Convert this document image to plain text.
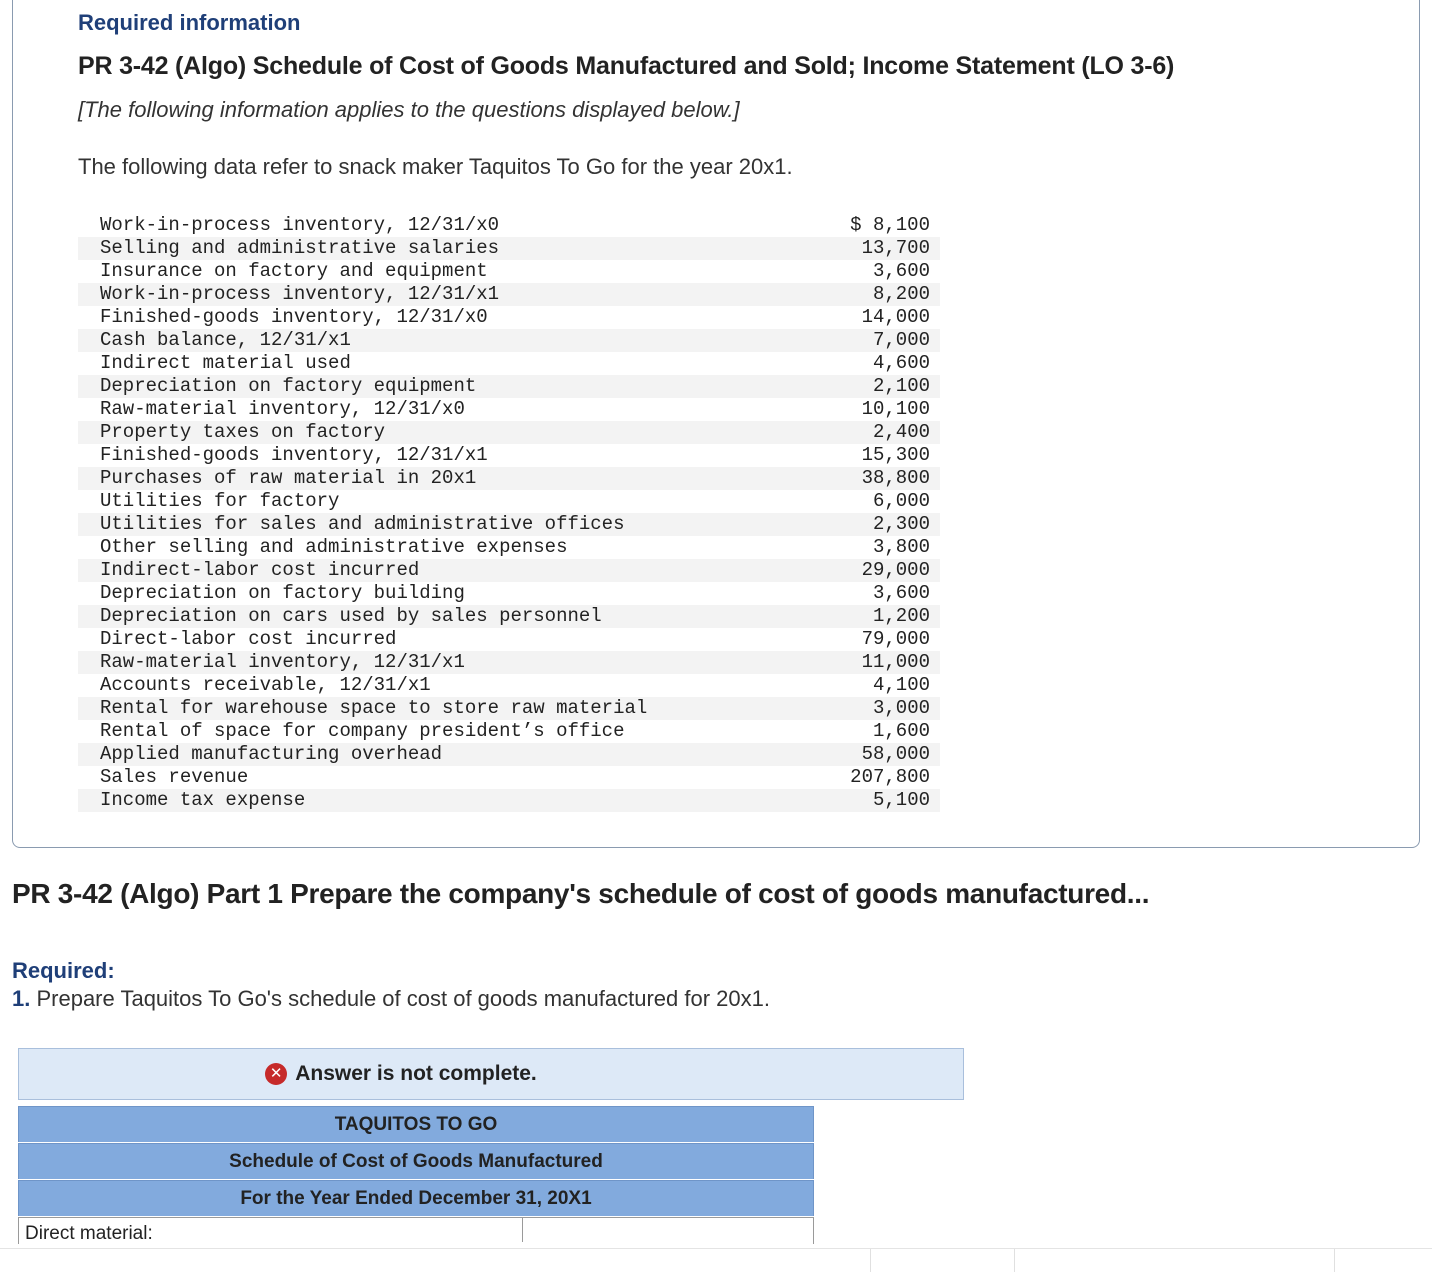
Required information
PR 3-42 (Algo) Schedule of Cost of Goods Manufactured and Sold; Income Statement (LO 3-6)
[The following information applies to the questions displayed below.]
The following data refer to snack maker Taquitos To Go for the year 20x1.
Work-in-process inventory, 12/31/x0	$ 8,100
Selling and administrative salaries	13,700
Insurance on factory and equipment	3,600
Work-in-process inventory, 12/31/x1	8,200
Finished-goods inventory, 12/31/x0	14,000
Cash balance, 12/31/x1	7,000
Indirect material used	4,600
Depreciation on factory equipment	2,100
Raw-material inventory, 12/31/x0	10,100
Property taxes on factory	2,400
Finished-goods inventory, 12/31/x1	15,300
Purchases of raw material in 20x1	38,800
Utilities for factory	6,000
Utilities for sales and administrative offices	2,300
Other selling and administrative expenses	3,800
Indirect-labor cost incurred	29,000
Depreciation on factory building	3,600
Depreciation on cars used by sales personnel	1,200
Direct-labor cost incurred	79,000
Raw-material inventory, 12/31/x1	11,000
Accounts receivable, 12/31/x1	4,100
Rental for warehouse space to store raw material	3,000
Rental of space for company president’s office	1,600
Applied manufacturing overhead	58,000
Sales revenue	207,800
Income tax expense	5,100
PR 3-42 (Algo) Part 1 Prepare the company's schedule of cost of goods manufactured...
Required:
1. Prepare Taquitos To Go's schedule of cost of goods manufactured for 20x1.
✕ Answer is not complete.
TAQUITOS TO GO
Schedule of Cost of Goods Manufactured
For the Year Ended December 31, 20X1
Direct material:
